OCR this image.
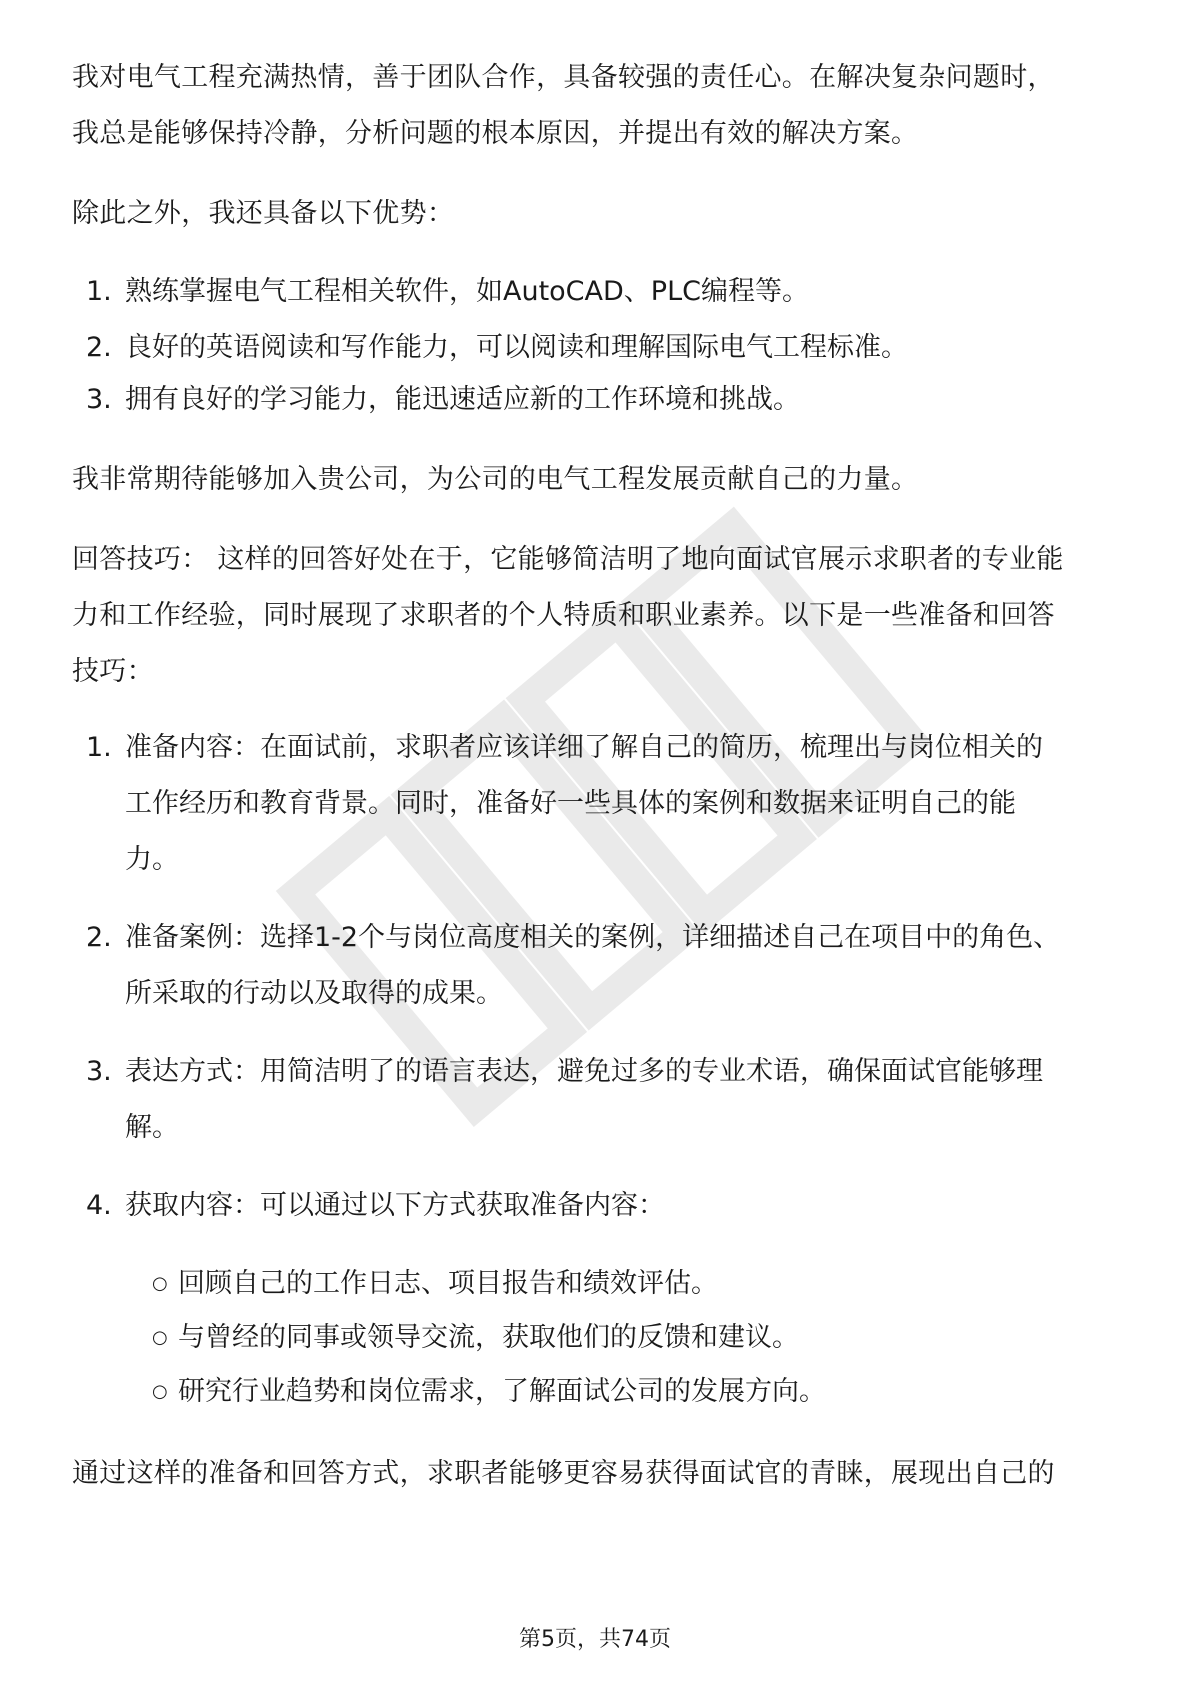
我对电气工程充满热情，善于团队合作，具备较强的责任心。在解决复杂问题时，
我总是能够保持冷静，分析问题的根本原因，并提出有效的解决方案。
除此之外，我还具备以下优势：
1. 熟练掌握电气工程相关软件，如AutoCAD、PLC编程等。
2. 良好的英语阅读和写作能力，可以阅读和理解国际电气工程标准。
3. 拥有良好的学习能力，能迅速适应新的工作环境和挑战。
我非常期待能够加入贵公司，为公司的电气工程发展贡献自己的力量。
回答技巧： 这样的回答好处在于，它能够简洁明了地向面试官展示求职者的专业能
力和工作经验，同时展现了求职者的个人特质和职业素养。以下是一些准备和回答
技巧：
1. 准备内容：在面试前，求职者应该详细了解自己的简历，梳理出与岗位相关的
工作经历和教育背景。同时，准备好一些具体的案例和数据来证明自己的能
力。
2. 准备案例：选择1-2个与岗位高度相关的案例，详细描述自己在项目中的角色、
所采取的行动以及取得的成果。
3. 表达方式：用简洁明了的语言表达，避免过多的专业术语，确保面试官能够理
解。
4. 获取内容：可以通过以下方式获取准备内容：
○ 回顾自己的工作日志、项目报告和绩效评估。
○ 与曾经的同事或领导交流，获取他们的反馈和建议。
○ 研究行业趋势和岗位需求，了解面试公司的发展方向。
通过这样的准备和回答方式，求职者能够更容易获得面试官的青睐，展现出自己的
第5页，共74页
